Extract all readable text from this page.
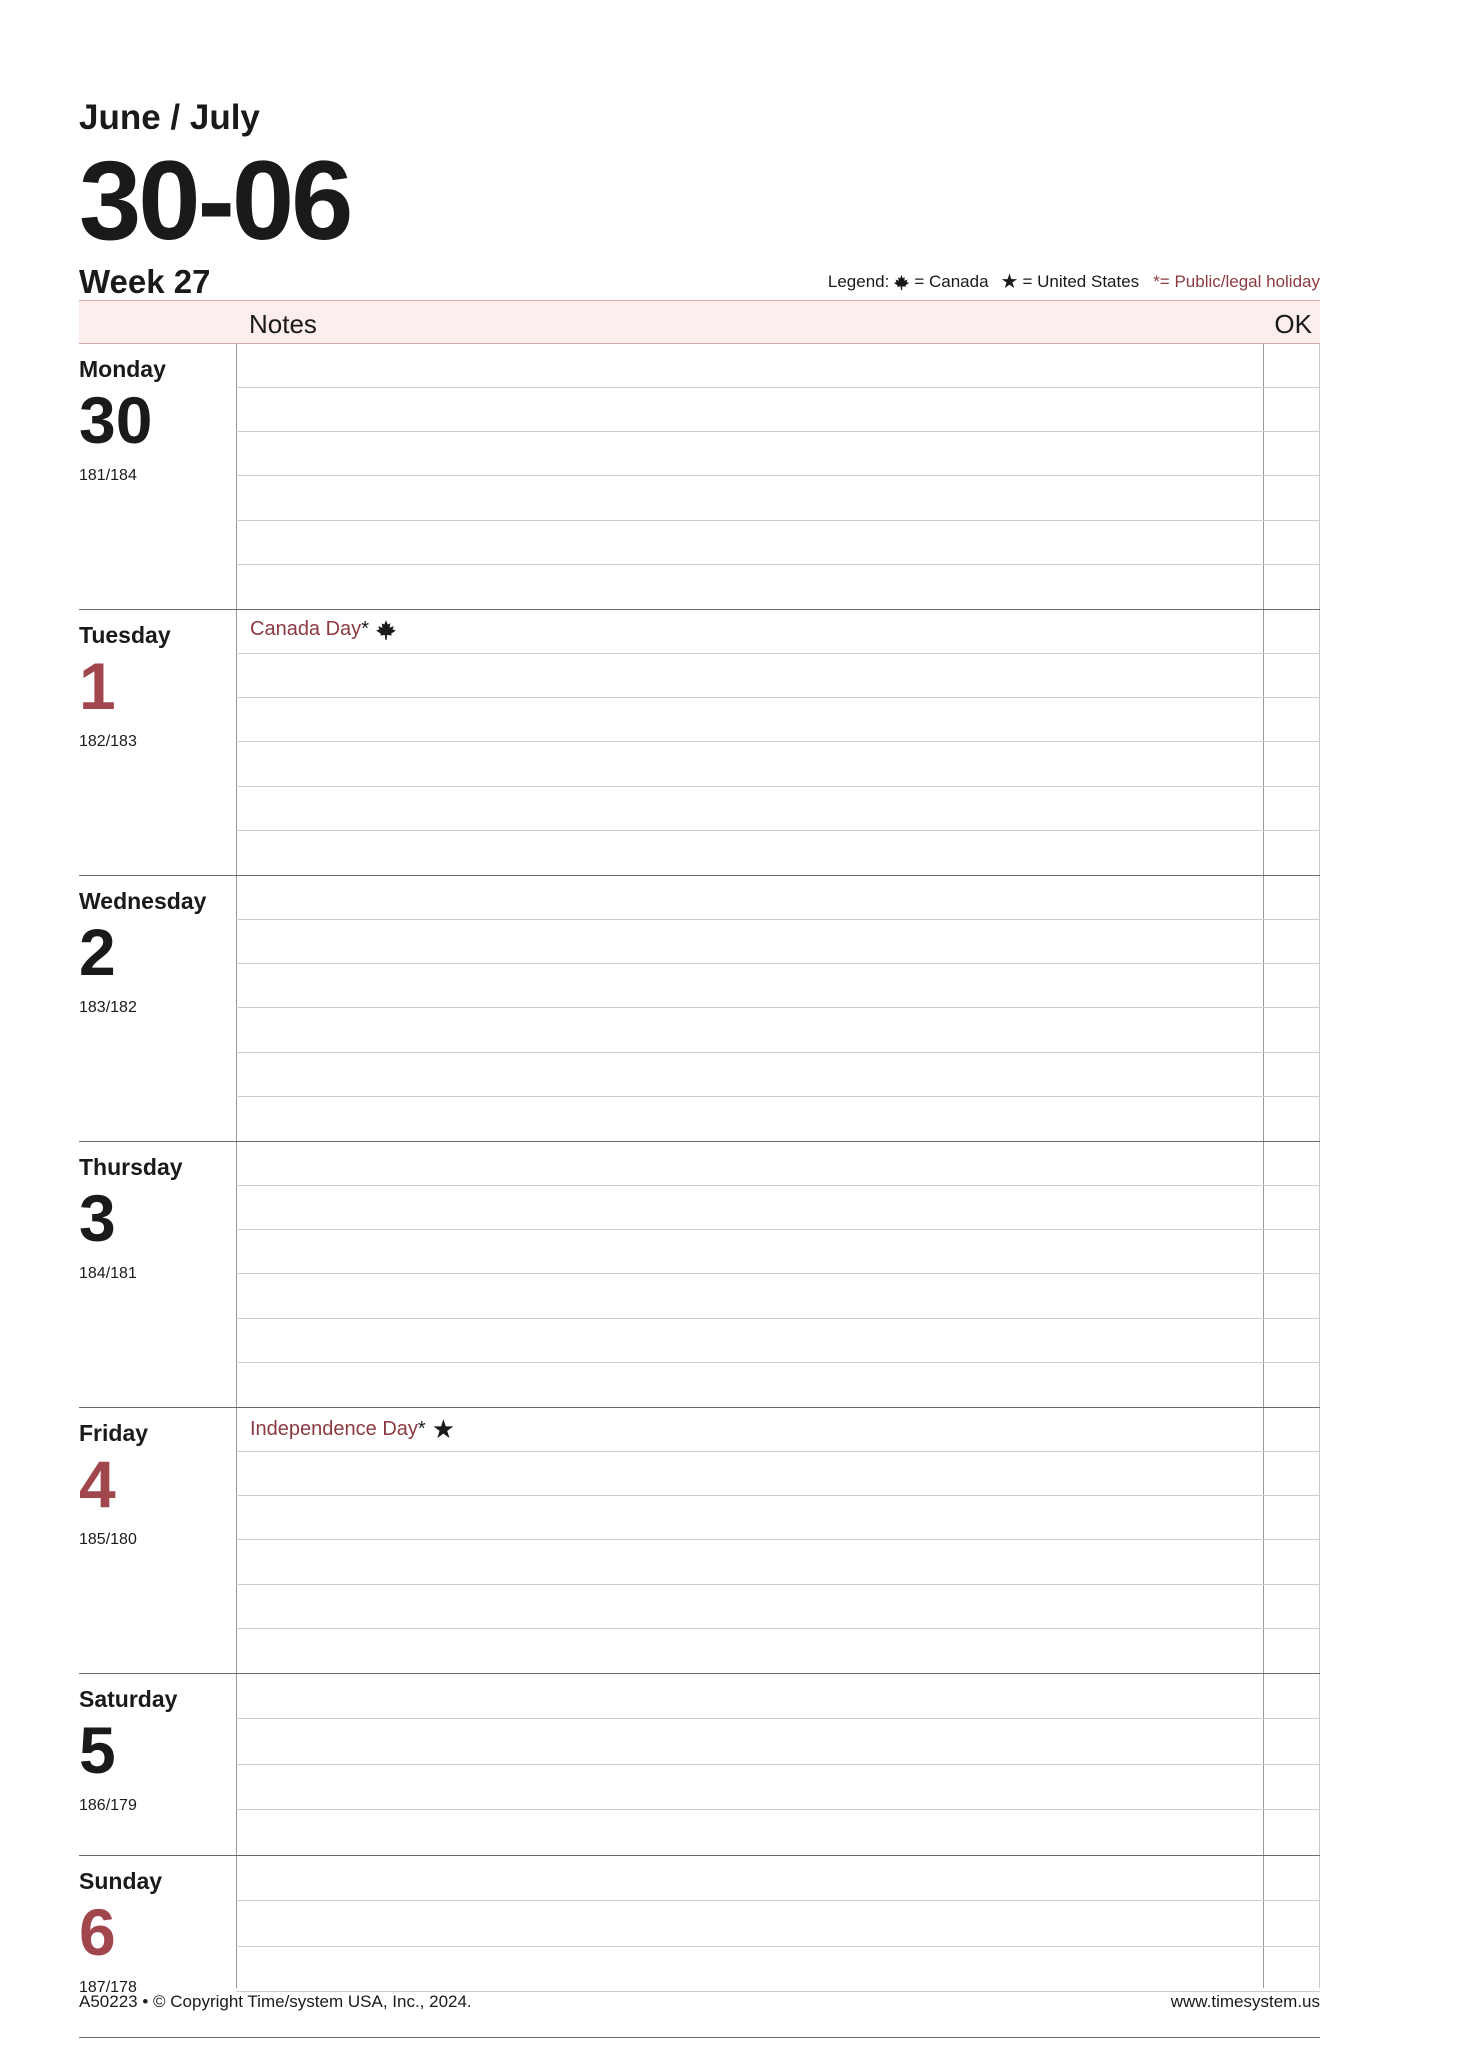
June / July
30-06
Week 27	Legend: = Canada ★ = United States *= Public/legal holiday
Notes	OK
Monday
30
181/184
Tuesday
1
182/183
Canada Day *
Wednesday
2
183/182
Thursday
3
184/181
Friday
4
185/180
Independence Day * ★
Saturday
5
186/179
Sunday
6
187/178
A50223 • © Copyright Time/system USA, Inc., 2024.	www.timesystem.us
